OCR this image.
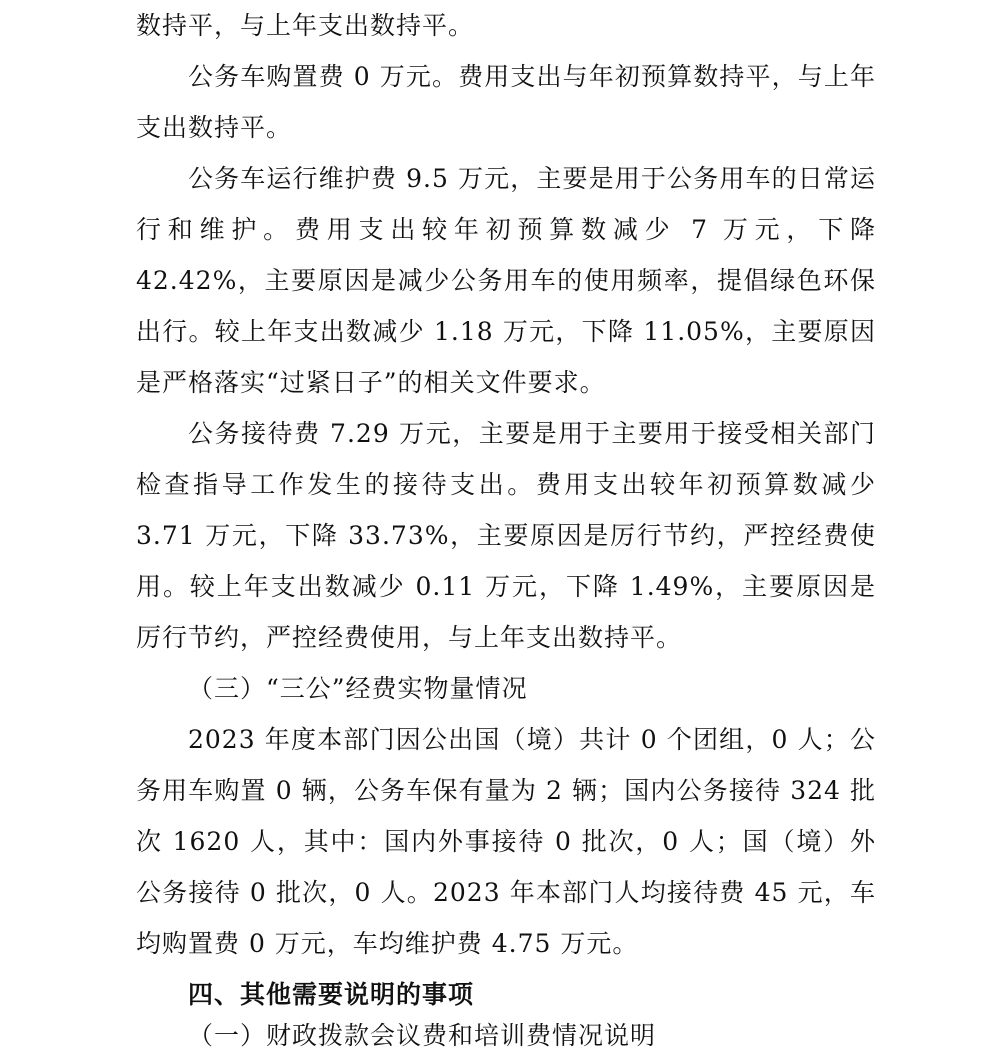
数持平，与上年支出数持平。

公务车购置费 0 万元。费用支出与年初预算数持平，与上年支出数持平。

公务车运行维护费 9.5 万元，主要是用于公务用车的日常运行和维护。费用支出较年初预算数减少 7 万元，下降 42.42%，主要原因是减少公务用车的使用频率，提倡绿色环保出行。较上年支出数减少 1.18 万元，下降 11.05%，主要原因是严格落实“过紧日子”的相关文件要求。

公务接待费 7.29 万元，主要是用于主要用于接受相关部门检查指导工作发生的接待支出。费用支出较年初预算数减少 3.71 万元，下降 33.73%，主要原因是厉行节约，严控经费使用。较上年支出数减少 0.11 万元，下降 1.49%，主要原因是厉行节约，严控经费使用，与上年支出数持平。

（三）“三公”经费实物量情况

2023 年度本部门因公出国（境）共计 0 个团组，0 人；公务用车购置 0 辆，公务车保有量为 2 辆；国内公务接待 324 批次 1620 人，其中：国内外事接待 0 批次，0 人；国（境）外公务接待 0 批次，0 人。2023 年本部门人均接待费 45 元，车均购置费 0 万元，车均维护费 4.75 万元。

四、其他需要说明的事项

（一）财政拨款会议费和培训费情况说明
